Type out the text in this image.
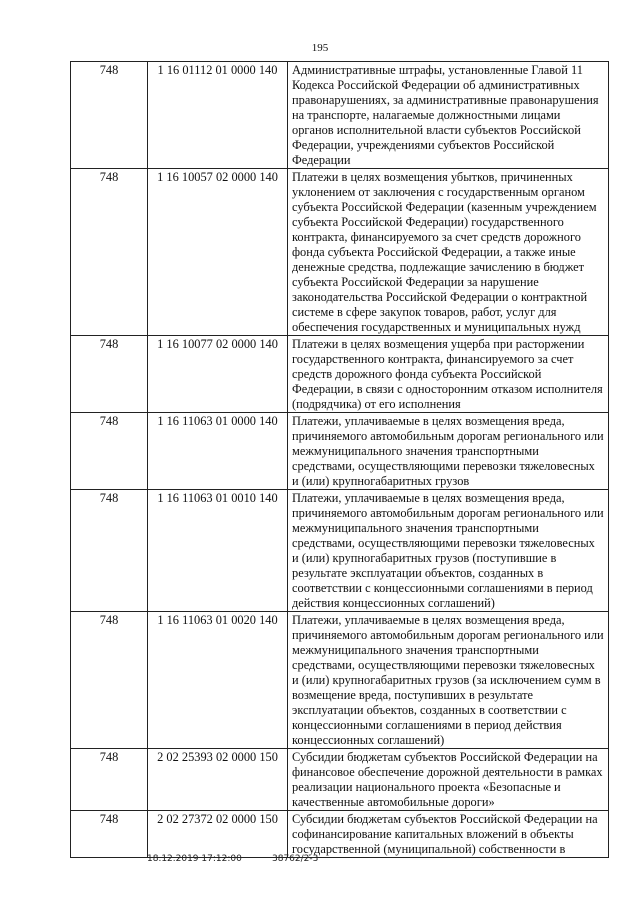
195
748	1 16 01112 01 0000 140	Административные штрафы, установленные Главой 11 Кодекса Российской Федерации об административных правонарушениях, за административные правонарушения на транспорте, налагаемые должностными лицами органов исполнительной власти субъектов Российской Федерации, учреждениями субъектов Российской Федерации
748	1 16 10057 02 0000 140	Платежи в целях возмещения убытков, причиненных уклонением от заключения с государственным органом субъекта Российской Федерации (казенным учреждением субъекта Российской Федерации) государственного контракта, финансируемого за счет средств дорожного фонда субъекта Российской Федерации, а также иные денежные средства, подлежащие зачислению в бюджет субъекта Российской Федерации за нарушение законодательства Российской Федерации о контрактной системе в сфере закупок товаров, работ, услуг для обеспечения государственных и муниципальных нужд
748	1 16 10077 02 0000 140	Платежи в целях возмещения ущерба при расторжении государственного контракта, финансируемого за счет средств дорожного фонда субъекта Российской Федерации, в связи с односторонним отказом исполнителя (подрядчика) от его исполнения
748	1 16 11063 01 0000 140	Платежи, уплачиваемые в целях возмещения вреда, причиняемого автомобильным дорогам регионального или межмуниципального значения транспортными средствами, осуществляющими перевозки тяжеловесных и (или) крупногабаритных грузов
748	1 16 11063 01 0010 140	Платежи, уплачиваемые в целях возмещения вреда, причиняемого автомобильным дорогам регионального или межмуниципального значения транспортными средствами, осуществляющими перевозки тяжеловесных и (или) крупногабаритных грузов (поступившие в результате эксплуатации объектов, созданных в соответствии с концессионными соглашениями в период действия концессионных соглашений)
748	1 16 11063 01 0020 140	Платежи, уплачиваемые в целях возмещения вреда, причиняемого автомобильным дорогам регионального или межмуниципального значения транспортными средствами, осуществляющими перевозки тяжеловесных и (или) крупногабаритных грузов (за исключением сумм в возмещение вреда, поступивших в результате эксплуатации объектов, созданных в соответствии с концессионными соглашениями в период действия концессионных соглашений)
748	2 02 25393 02 0000 150	Субсидии бюджетам субъектов Российской Федерации на финансовое обеспечение дорожной деятельности в рамках реализации национального проекта «Безопасные и качественные автомобильные дороги»
748	2 02 27372 02 0000 150	Субсидии бюджетам субъектов Российской Федерации на софинансирование капитальных вложений в объекты государственной (муниципальной) собственности в
18.12.2019 17:12:00	38762/2-3
